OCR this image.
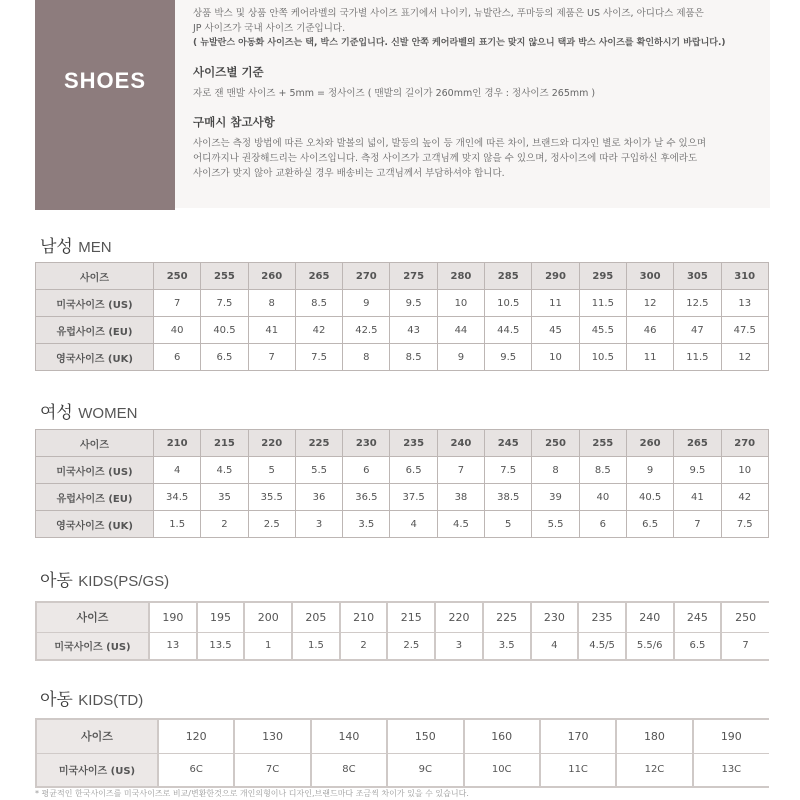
SHOES

상품 박스 및 상품 안쪽 케어라벨의 국가별 사이즈 표기에서 나이키, 뉴발란스, 푸마등의 제품은 US 사이즈, 아디다스 제품은

JP 사이즈가 국내 사이즈 기준입니다.

( 뉴발란스 아동화 사이즈는 택, 박스 기준입니다. 신발 안쪽 케어라벨의 표기는 맞지 않으니 택과 박스 사이즈를 확인하시기 바랍니다.)

사이즈별 기준

자로 잰 맨발 사이즈 + 5mm = 정사이즈 ( 맨발의 길이가 260mm인 경우 : 정사이즈 265mm )

구매시 참고사항

사이즈는 측정 방법에 따른 오차와 발볼의 넓이, 발등의 높이 등 개인에 따른 차이, 브랜드와 디자인 별로 차이가 날 수 있으며

어디까지나 권장해드리는 사이즈입니다. 측정 사이즈가 고객님께 맞지 않을 수 있으며, 정사이즈에 따라 구입하신 후에라도

사이즈가 맞지 않아 교환하실 경우 배송비는 고객님께서 부담하셔야 합니다.

남성 MEN
사이즈	250	255	260	265	270	275	280	285	290	295	300	305	310
미국사이즈 (US)	7	7.5	8	8.5	9	9.5	10	10.5	11	11.5	12	12.5	13
유럽사이즈 (EU)	40	40.5	41	42	42.5	43	44	44.5	45	45.5	46	47	47.5
영국사이즈 (UK)	6	6.5	7	7.5	8	8.5	9	9.5	10	10.5	11	11.5	12
여성 WOMEN
사이즈	210	215	220	225	230	235	240	245	250	255	260	265	270
미국사이즈 (US)	4	4.5	5	5.5	6	6.5	7	7.5	8	8.5	9	9.5	10
유럽사이즈 (EU)	34.5	35	35.5	36	36.5	37.5	38	38.5	39	40	40.5	41	42
영국사이즈 (UK)	1.5	2	2.5	3	3.5	4	4.5	5	5.5	6	6.5	7	7.5
아동 KIDS(PS/GS)
사이즈	190	195	200	205	210	215	220	225	230	235	240	245	250
미국사이즈 (US)	13	13.5	1	1.5	2	2.5	3	3.5	4	4.5/5	5.5/6	6.5	7
아동 KIDS(TD)
사이즈	120	130	140	150	160	170	180	190
미국사이즈 (US)	6C	7C	8C	9C	10C	11C	12C	13C
* 평균적인 한국사이즈를 미국사이즈로 비교/변환한것으로 개인의형이나 디자인,브랜드마다 조금씩 차이가 있을 수 있습니다.
